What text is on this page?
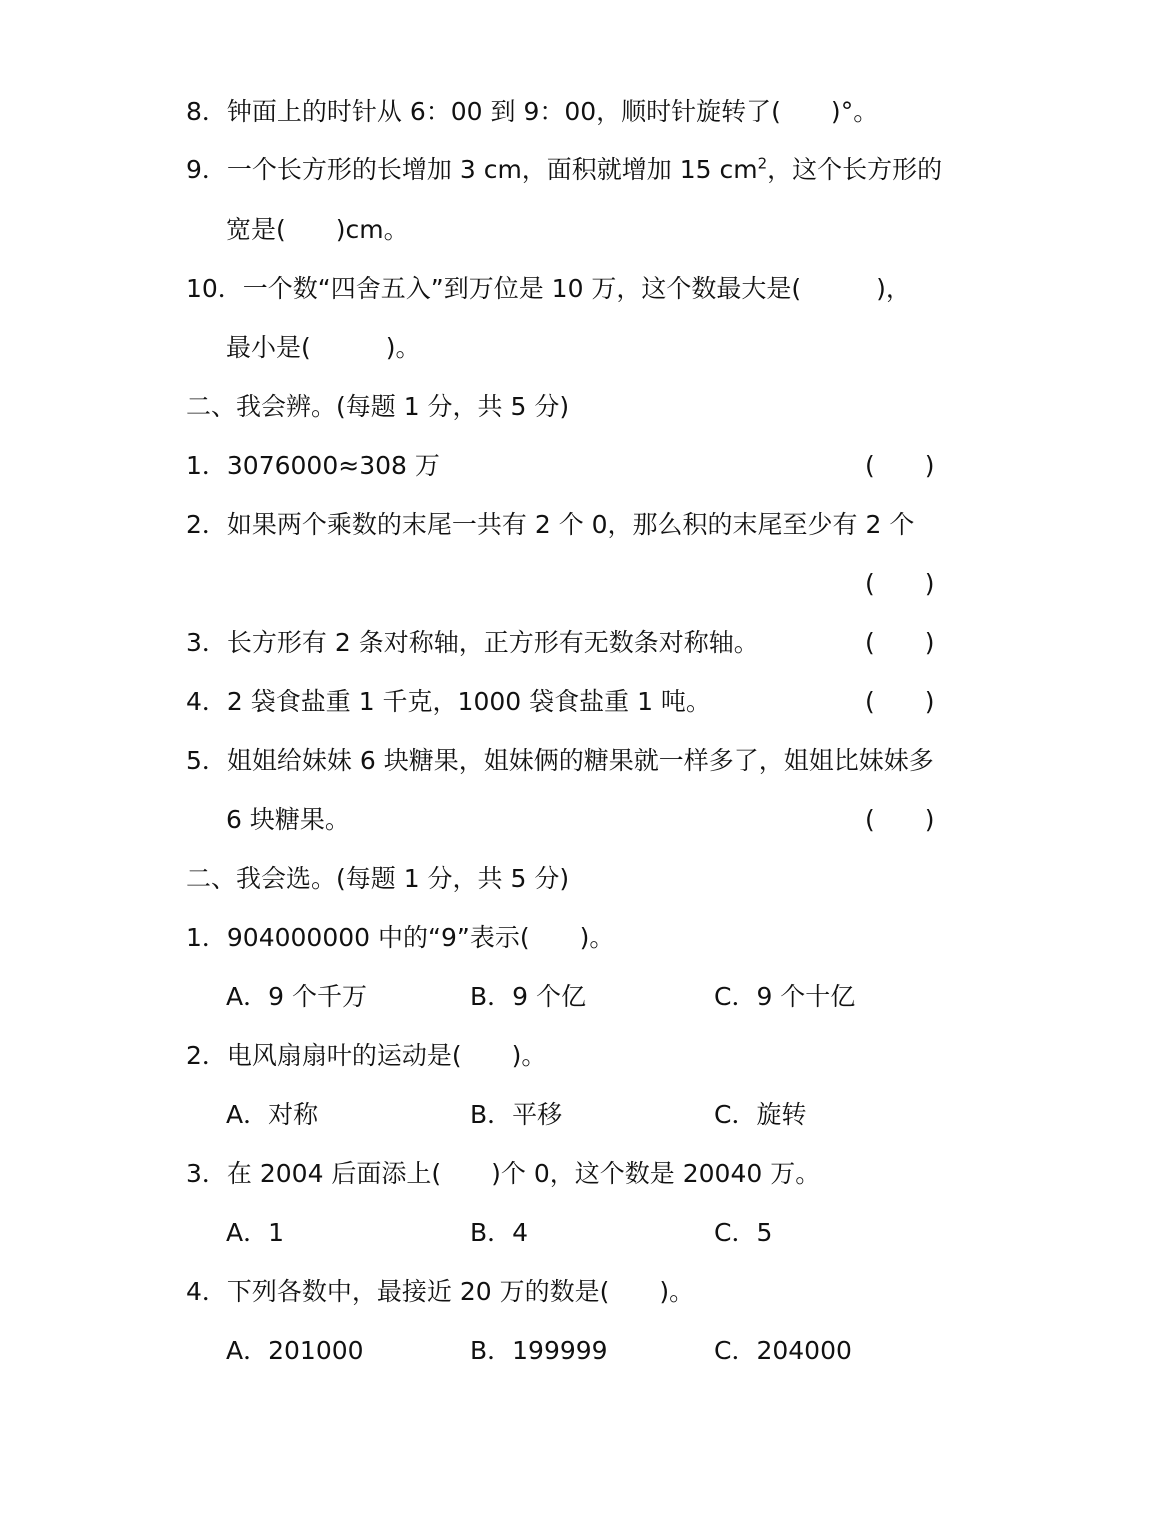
8．钟面上的时针从 6：00 到 9：00，顺时针旋转了(　　)°。
9．一个长方形的长增加 3 cm，面积就增加 15 $cm^2$，这个长方形的
宽是(　　)cm。
10．一个数“四舍五入”到万位是 10 万，这个数最大是(　　　)，
最小是(　　　)。
二、我会辨。(每题 1 分，共 5 分)
1．3076000≈308 万	(　　)
2．如果两个乘数的末尾一共有 2 个 0，那么积的末尾至少有 2 个
(　　)
3．长方形有 2 条对称轴，正方形有无数条对称轴。	(　　)
4．2 袋食盐重 1 千克，1000 袋食盐重 1 吨。	(　　)
5．姐姐给妹妹 6 块糖果，姐妹俩的糖果就一样多了，姐姐比妹妹多
6 块糖果。	(　　)
二、我会选。(每题 1 分，共 5 分)
1．904000000 中的“9”表示(　　)。
A．9 个千万	B．9 个亿	C．9 个十亿
2．电风扇扇叶的运动是(　　)。
A．对称	B．平移	C．旋转
3．在 2004 后面添上(　　)个 0，这个数是 20040 万。
A．1	B．4	C．5
4．下列各数中，最接近 20 万的数是(　　)。
A．201000	B．199999	C．204000
